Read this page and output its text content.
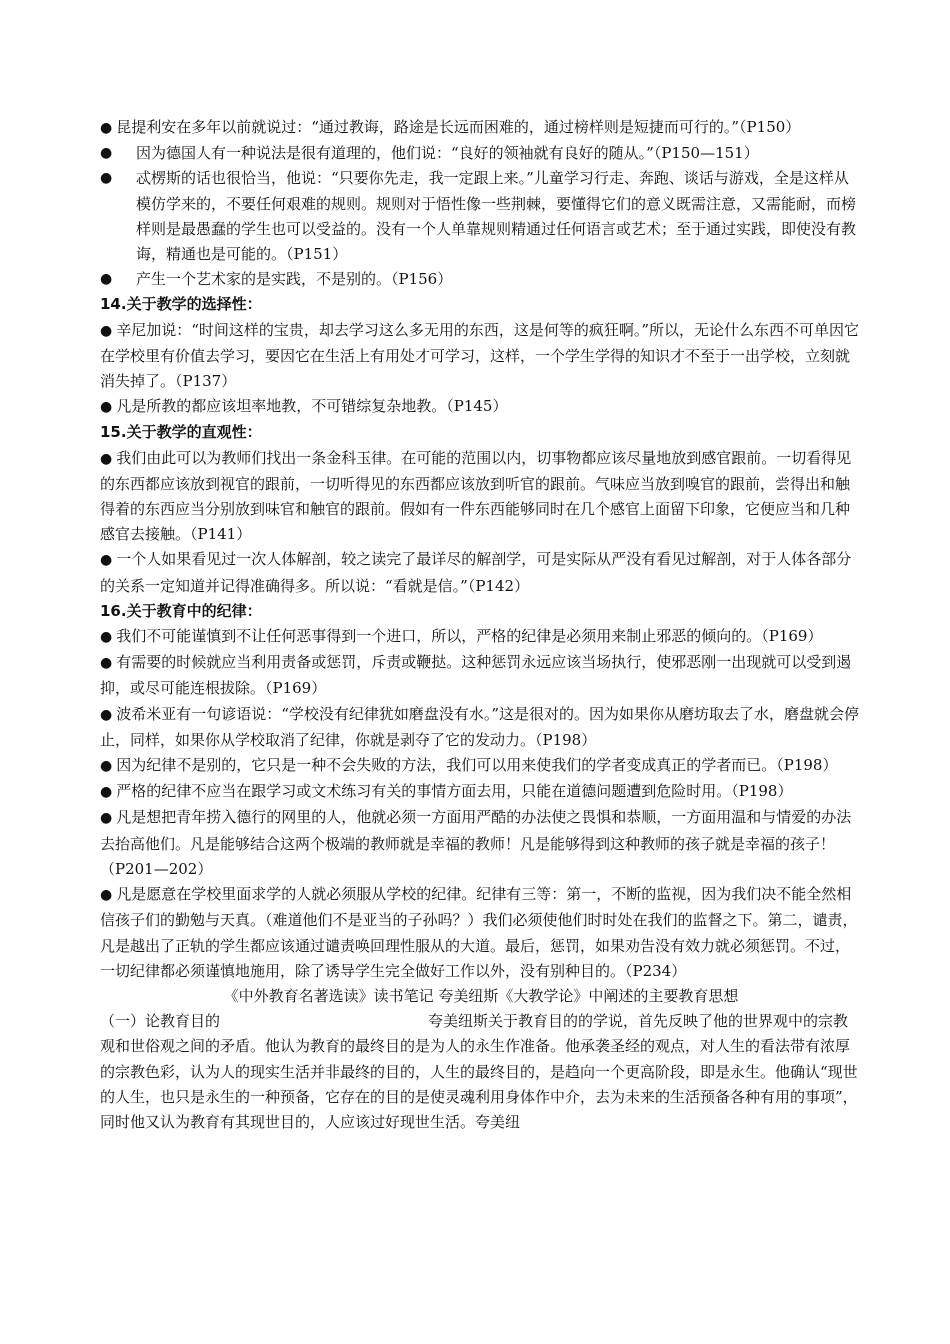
● 昆提利安在多年以前就说过：“通过教诲，路途是长远而困难的，通过榜样则是短捷而可行的。”（P150）

● 因为德国人有一种说法是很有道理的，他们说：“良好的领袖就有良好的随从。”（P150—151）

● 忒楞斯的话也很恰当，他说：“只要你先走，我一定跟上来。”儿童学习行走、奔跑、谈话与游戏，全是这样从模仿学来的，不要任何艰难的规则。规则对于悟性像一些荆棘，要懂得它们的意义既需注意，又需能耐，而榜样则是最愚蠢的学生也可以受益的。没有一个人单靠规则精通过任何语言或艺术；至于通过实践，即使没有教诲，精通也是可能的。（P151）

● 产生一个艺术家的是实践，不是别的。（P156）

14.关于教学的选择性：

● 辛尼加说：“时间这样的宝贵，却去学习这么多无用的东西，这是何等的疯狂啊。”所以，无论什么东西不可单因它在学校里有价值去学习，要因它在生活上有用处才可学习，这样，一个学生学得的知识才不至于一出学校，立刻就消失掉了。（P137）

● 凡是所教的都应该坦率地教，不可错综复杂地教。（P145）

15.关于教学的直观性：

● 我们由此可以为教师们找出一条金科玉律。在可能的范围以内，切事物都应该尽量地放到感官跟前。一切看得见的东西都应该放到视官的跟前，一切听得见的东西都应该放到听官的跟前。气味应当放到嗅官的跟前，尝得出和触得着的东西应当分别放到味官和触官的跟前。假如有一件东西能够同时在几个感官上面留下印象，它便应当和几种感官去接触。（P141）

● 一个人如果看见过一次人体解剖，较之读完了最详尽的解剖学，可是实际从严没有看见过解剖，对于人体各部分的关系一定知道并记得准确得多。所以说：“看就是信。”（P142）

16.关于教育中的纪律：

● 我们不可能谨慎到不让任何恶事得到一个进口，所以，严格的纪律是必须用来制止邪恶的倾向的。（P169）

● 有需要的时候就应当利用责备或惩罚，斥责或鞭挞。这种惩罚永远应该当场执行，使邪恶刚一出现就可以受到遏抑，或尽可能连根拔除。（P169）

● 波希米亚有一句谚语说：“学校没有纪律犹如磨盘没有水。”这是很对的。因为如果你从磨坊取去了水，磨盘就会停止，同样，如果你从学校取消了纪律，你就是剥夺了它的发动力。（P198）

● 因为纪律不是别的，它只是一种不会失败的方法，我们可以用来使我们的学者变成真正的学者而已。（P198）

● 严格的纪律不应当在跟学习或文术练习有关的事情方面去用，只能在道德问题遭到危险时用。（P198）

● 凡是想把青年捞入德行的网里的人，他就必须一方面用严酷的办法使之畏惧和恭顺，一方面用温和与情爱的办法去抬高他们。凡是能够结合这两个极端的教师就是幸福的教师！凡是能够得到这种教师的孩子就是幸福的孩子！（P201—202）

● 凡是愿意在学校里面求学的人就必须服从学校的纪律。纪律有三等：第一，不断的监视，因为我们决不能全然相信孩子们的勤勉与天真。（难道他们不是亚当的子孙吗？）我们必须使他们时时处在我们的监督之下。第二，谴责，凡是越出了正轨的学生都应该通过谴责唤回理性服从的大道。最后，惩罚，如果劝告没有效力就必须惩罚。不过，一切纪律都必须谨慎地施用，除了诱导学生完全做好工作以外，没有别种目的。（P234）

《中外教育名著选读》读书笔记 夸美纽斯《大教学论》中阐述的主要教育思想

（一）论教育目的	夸美纽斯关于教育目的的学说，首先反映了他的世界观中的宗教观和世俗观之间的矛盾。他认为教育的最终目的是为人的永生作准备。他承袭圣经的观点，对人生的看法带有浓厚的宗教色彩，认为人的现实生活并非最终的目的，人生的最终目的，是趋向一个更高阶段，即是永生。他确认“现世的人生，也只是永生的一种预备，它存在的目的是使灵魂利用身体作中介，去为未来的生活预备各种有用的事项”，同时他又认为教育有其现世目的，人应该过好现世生活。夸美纽
